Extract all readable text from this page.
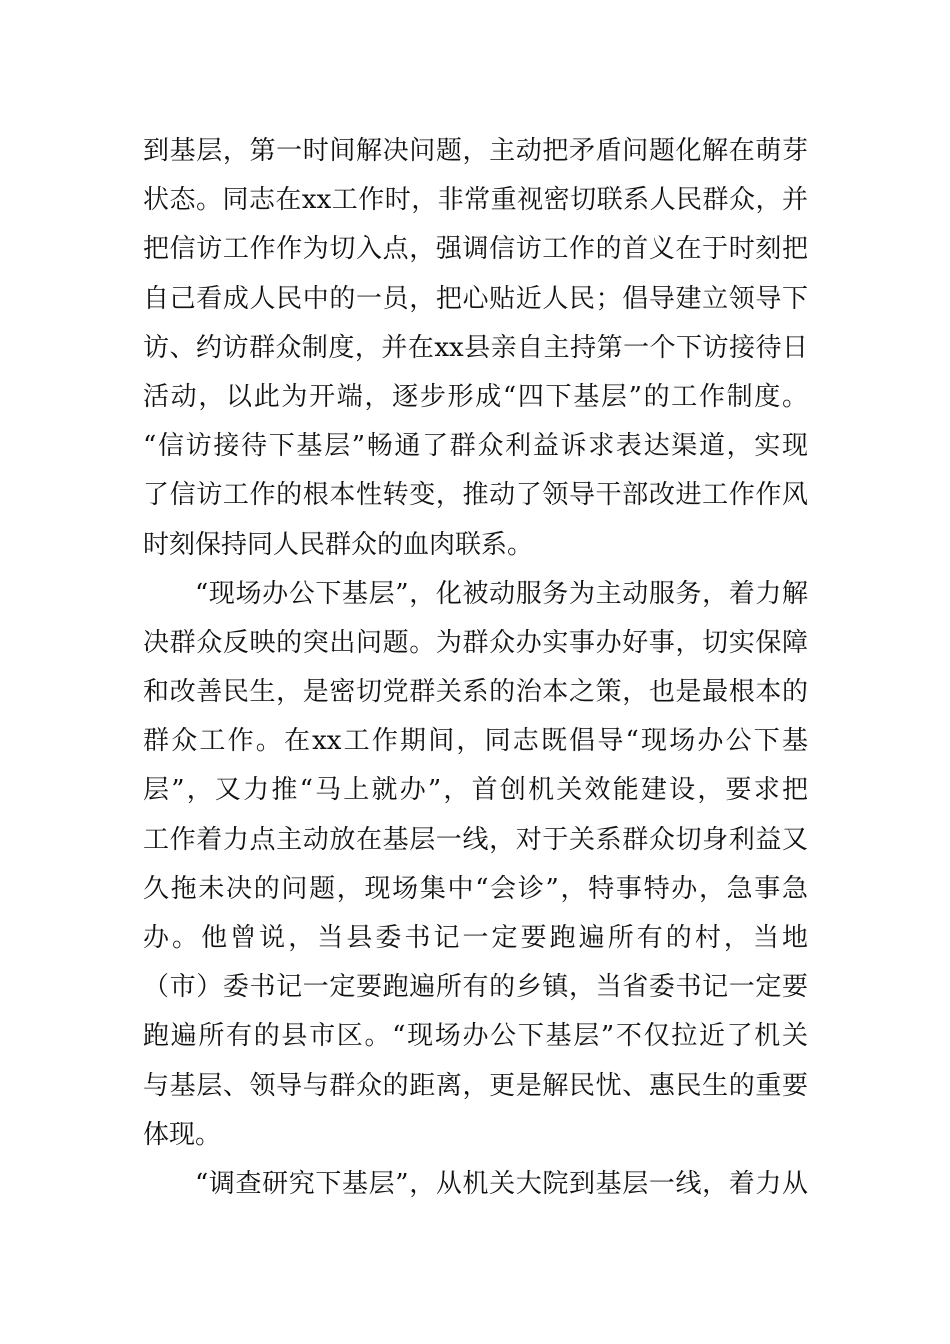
到基层，第一时间解决问题，主动把矛盾问题化解在萌芽
状态。同志在xx工作时，非常重视密切联系人民群众，并
把信访工作作为切入点，强调信访工作的首义在于时刻把
自己看成人民中的一员，把心贴近人民；倡导建立领导下
访、约访群众制度，并在xx县亲自主持第一个下访接待日
活动，以此为开端，逐步形成“四下基层”的工作制度。
“信访接待下基层”畅通了群众利益诉求表达渠道，实现
了信访工作的根本性转变，推动了领导干部改进工作作风
时刻保持同人民群众的血肉联系。
“现场办公下基层”，化被动服务为主动服务，着力解
决群众反映的突出问题。为群众办实事办好事，切实保障
和改善民生，是密切党群关系的治本之策，也是最根本的
群众工作。在xx工作期间，同志既倡导“现场办公下基
层”，又力推“马上就办”，首创机关效能建设，要求把
工作着力点主动放在基层一线，对于关系群众切身利益又
久拖未决的问题，现场集中“会诊”，特事特办，急事急
办。他曾说，当县委书记一定要跑遍所有的村，当地
（市）委书记一定要跑遍所有的乡镇，当省委书记一定要
跑遍所有的县市区。“现场办公下基层”不仅拉近了机关
与基层、领导与群众的距离，更是解民忧、惠民生的重要
体现。
“调查研究下基层”，从机关大院到基层一线，着力从
